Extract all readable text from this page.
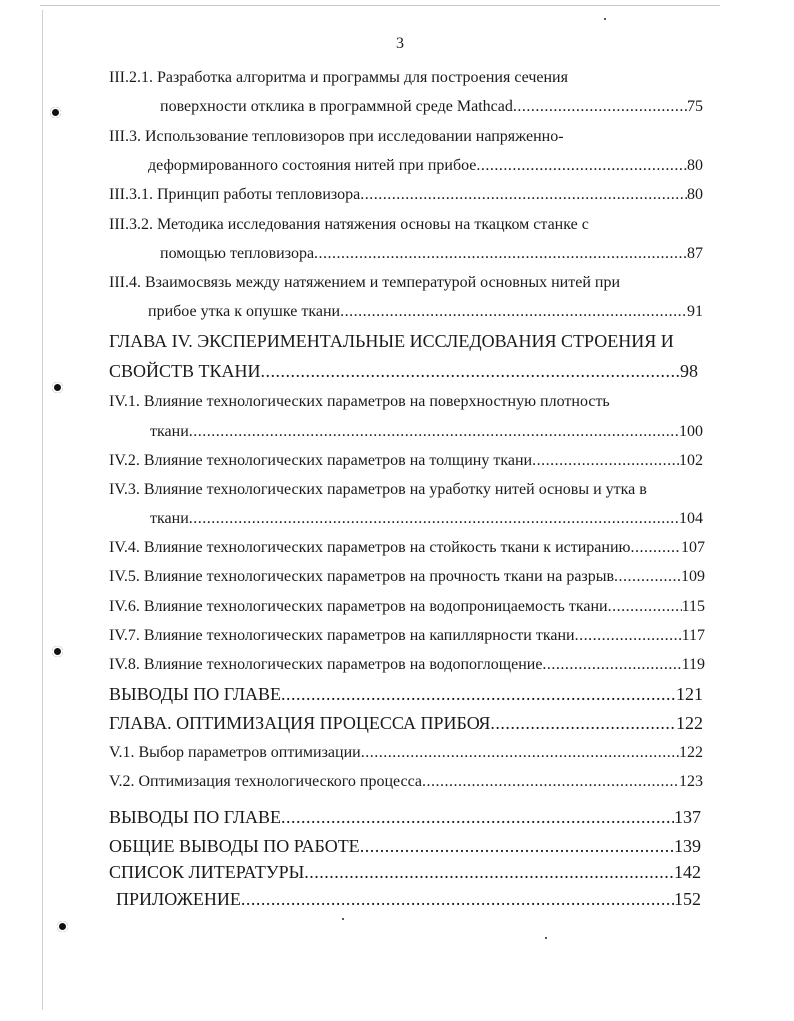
3
III.2.1. Разработка алгоритма и программы для построения сечения
поверхности отклика в программной среде Mathcad .....	75
III.3. Использование тепловизоров при исследовании напряженно-
деформированного состояния нитей при прибое .....	80
III.3.1. Принцип работы тепловизора .....	80
III.3.2. Методика исследования натяжения основы на ткацком станке с
помощью тепловизора .....	87
III.4. Взаимосвязь между натяжением и температурой основных нитей при
прибое утка к опушке ткани .....	91
ГЛАВА IV. ЭКСПЕРИМЕНТАЛЬНЫЕ ИССЛЕДОВАНИЯ СТРОЕНИЯ И
СВОЙСТВ ТКАНИ .....	98
IV.1. Влияние технологических параметров на поверхностную плотность
ткани .....	100
IV.2. Влияние технологических параметров на толщину ткани .....	102
IV.3. Влияние технологических параметров на уработку нитей основы и утка в
ткани .....	104
IV.4. Влияние технологических параметров на стойкость ткани к истиранию .....	107
IV.5. Влияние технологических параметров на прочность ткани на разрыв .....	109
IV.6. Влияние технологических параметров на водопроницаемость ткани .....	115
IV.7. Влияние технологических параметров на капиллярности ткани .....	117
IV.8. Влияние технологических параметров на водопоглощение .....	119
ВЫВОДЫ ПО ГЛАВЕ .....	121
ГЛАВА. ОПТИМИЗАЦИЯ ПРОЦЕССА ПРИБОЯ .....	122
V.1. Выбор параметров оптимизации .....	122
V.2. Оптимизация технологического процесса .....	123
ВЫВОДЫ ПО ГЛАВЕ .....	137
ОБЩИЕ ВЫВОДЫ ПО РАБОТЕ .....	139
СПИСОК ЛИТЕРАТУРЫ .....	142
ПРИЛОЖЕНИЕ .....	152
